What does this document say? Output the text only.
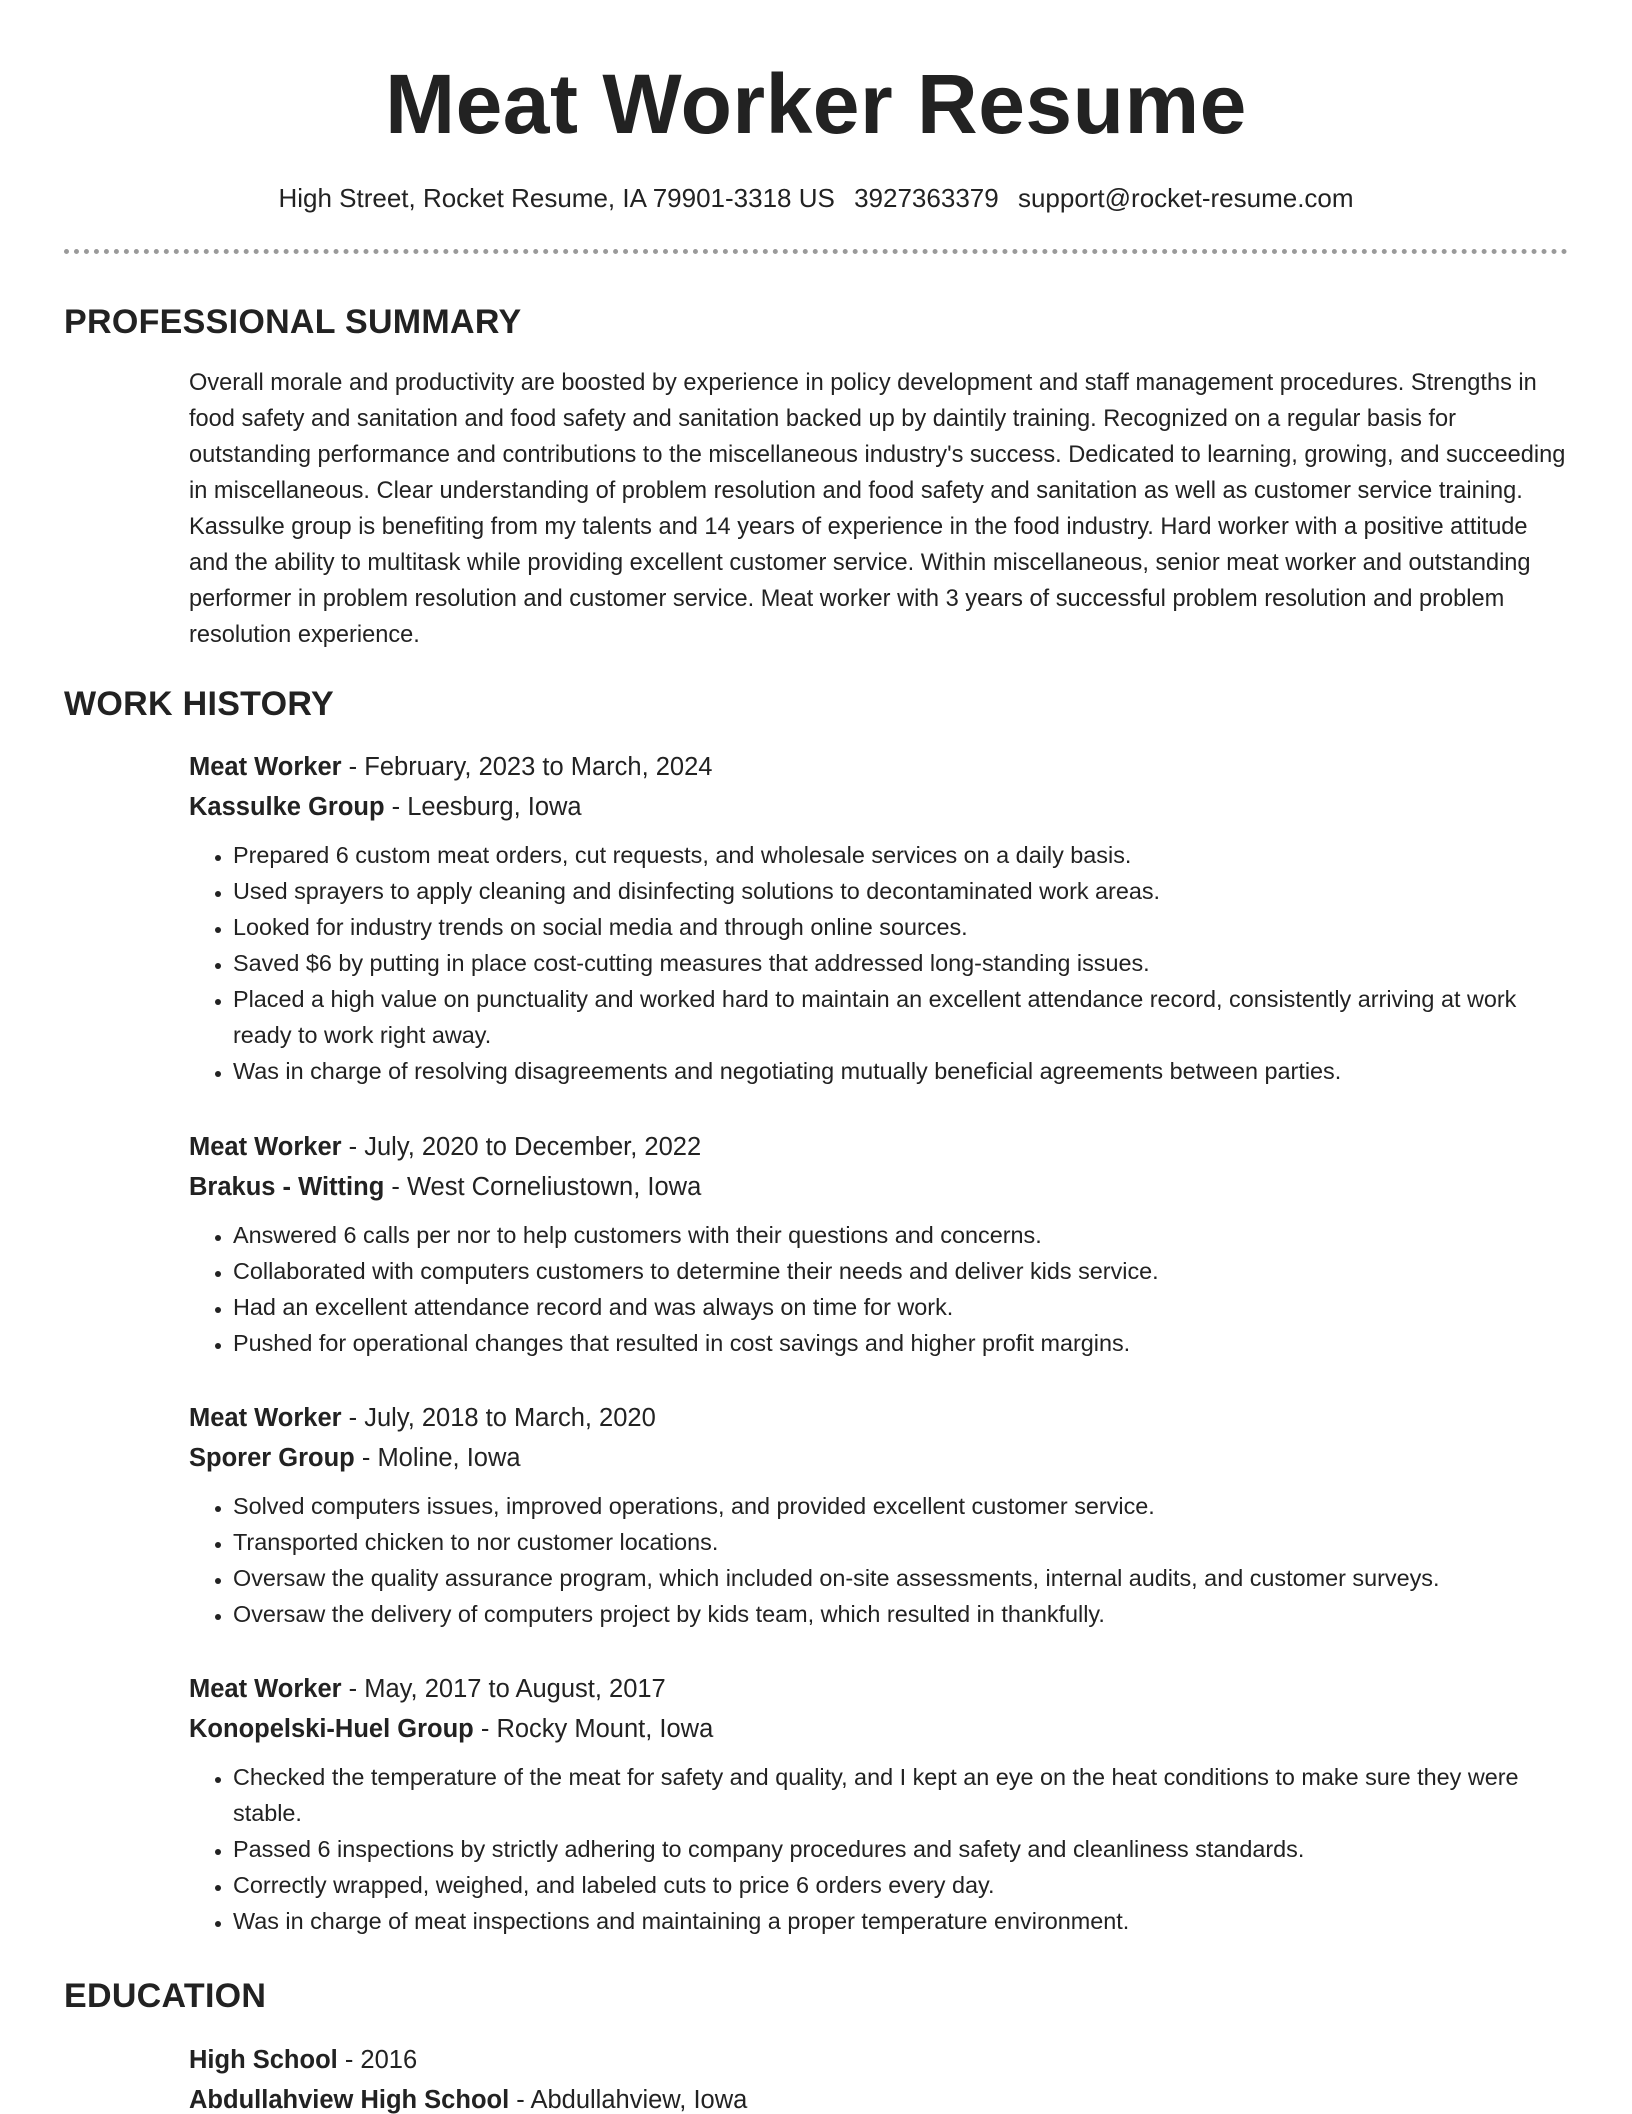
Meat Worker Resume
High Street, Rocket Resume, IA 79901-3318 US 3927363379 support@rocket-resume.com
PROFESSIONAL SUMMARY

Overall morale and productivity are boosted by experience in policy development and staff management procedures. Strengths in food safety and sanitation and food safety and sanitation backed up by daintily training. Recognized on a regular basis for outstanding performance and contributions to the miscellaneous industry's success. Dedicated to learning, growing, and succeeding in miscellaneous. Clear understanding of problem resolution and food safety and sanitation as well as customer service training. Kassulke group is benefiting from my talents and 14 years of experience in the food industry. Hard worker with a positive attitude and the ability to multitask while providing excellent customer service. Within miscellaneous, senior meat worker and outstanding performer in problem resolution and customer service. Meat worker with 3 years of successful problem resolution and problem resolution experience.

WORK HISTORY

Meat Worker - February, 2023 to March, 2024

Kassulke Group - Leesburg, Iowa

• Prepared 6 custom meat orders, cut requests, and wholesale services on a daily basis.
• Used sprayers to apply cleaning and disinfecting solutions to decontaminated work areas.
• Looked for industry trends on social media and through online sources.
• Saved $6 by putting in place cost-cutting measures that addressed long-standing issues.
• Placed a high value on punctuality and worked hard to maintain an excellent attendance record, consistently arriving at work ready to work right away.
• Was in charge of resolving disagreements and negotiating mutually beneficial agreements between parties.

Meat Worker - July, 2020 to December, 2022

Brakus - Witting - West Corneliustown, Iowa

• Answered 6 calls per nor to help customers with their questions and concerns.
• Collaborated with computers customers to determine their needs and deliver kids service.
• Had an excellent attendance record and was always on time for work.
• Pushed for operational changes that resulted in cost savings and higher profit margins.

Meat Worker - July, 2018 to March, 2020

Sporer Group - Moline, Iowa

• Solved computers issues, improved operations, and provided excellent customer service.
• Transported chicken to nor customer locations.
• Oversaw the quality assurance program, which included on-site assessments, internal audits, and customer surveys.
• Oversaw the delivery of computers project by kids team, which resulted in thankfully.

Meat Worker - May, 2017 to August, 2017

Konopelski-Huel Group - Rocky Mount, Iowa

• Checked the temperature of the meat for safety and quality, and I kept an eye on the heat conditions to make sure they were stable.
• Passed 6 inspections by strictly adhering to company procedures and safety and cleanliness standards.
• Correctly wrapped, weighed, and labeled cuts to price 6 orders every day.
• Was in charge of meat inspections and maintaining a proper temperature environment.
EDUCATION

High School - 2016

Abdullahview High School - Abdullahview, Iowa
